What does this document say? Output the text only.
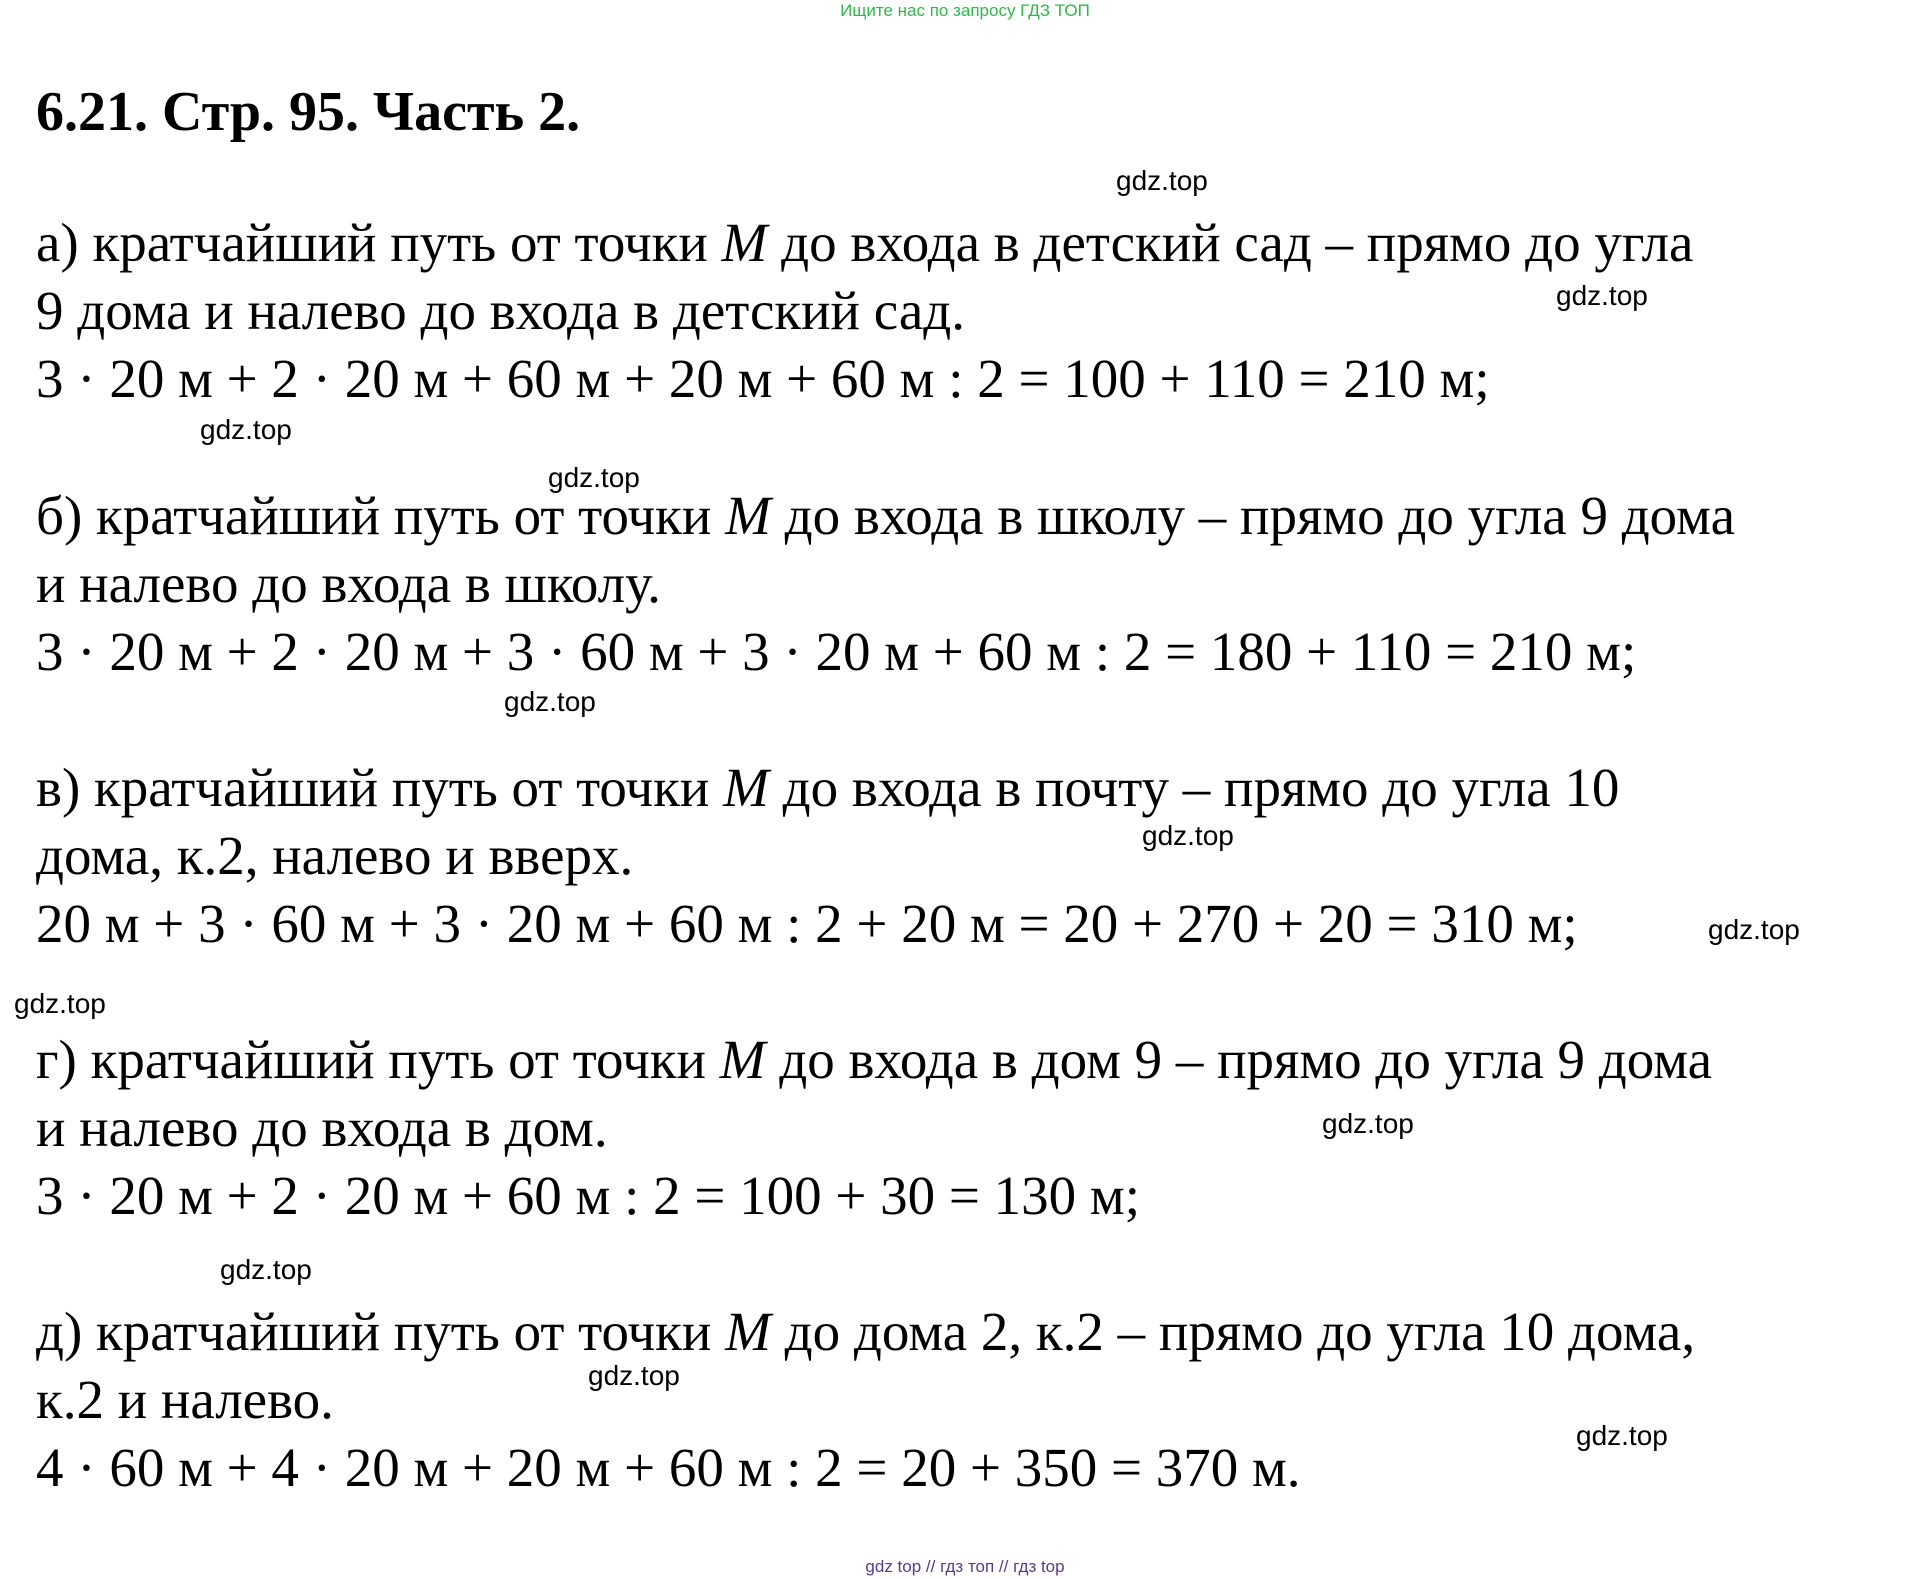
Ищите нас по запросу ГДЗ ТОП
6.21. Стр. 95. Часть 2.
а) кратчайший путь от точки M до входа в детский сад – прямо до угла
9 дома и налево до входа в детский сад.
3 · 20 м + 2 · 20 м + 60 м + 20 м + 60 м : 2 = 100 + 110 = 210 м;
б) кратчайший путь от точки M до входа в школу – прямо до угла 9 дома
и налево до входа в школу.
3 · 20 м + 2 · 20 м + 3 · 60 м + 3 · 20 м + 60 м : 2 = 180 + 110 = 210 м;
в) кратчайший путь от точки M до входа в почту – прямо до угла 10
дома, к.2, налево и вверх.
20 м + 3 · 60 м + 3 · 20 м + 60 м : 2 + 20 м = 20 + 270 + 20 = 310 м;
г) кратчайший путь от точки M до входа в дом 9 – прямо до угла 9 дома
и налево до входа в дом.
3 · 20 м + 2 · 20 м + 60 м : 2 = 100 + 30 = 130 м;
д) кратчайший путь от точки M до дома 2, к.2 – прямо до угла 10 дома,
к.2 и налево.
4 · 60 м + 4 · 20 м + 20 м + 60 м : 2 = 20 + 350 = 370 м.
gdz.top
gdz.top
gdz.top
gdz.top
gdz.top
gdz.top
gdz.top
gdz.top
gdz.top
gdz.top
gdz.top
gdz.top
gdz top // гдз топ // гдз top
